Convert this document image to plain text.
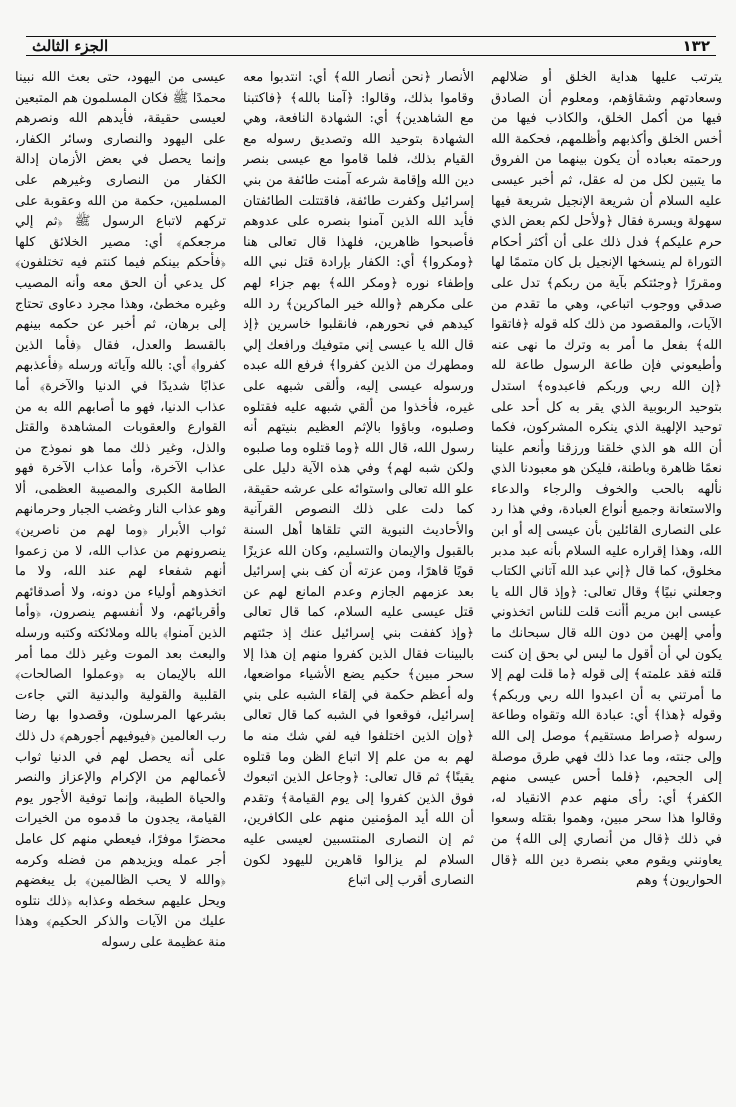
الجزء الثالث	١٣٢

يترتب عليها هداية الخلق أو ضلالهم وسعادتهم وشقاؤهم، ومعلوم أن الصادق فيها من أكمل الخلق، والكاذب فيها من أخس الخلق وأكذبهم وأظلمهم، فحكمة الله ورحمته بعباده أن يكون بينهما من الفروق ما يتبين لكل من له عقل، ثم أخبر عيسى عليه السلام أن شريعة الإنجيل شريعة فيها سهولة ويسرة فقال ﴿ولأحل لكم بعض الذي حرم عليكم﴾ فدل ذلك على أن أكثر أحكام التوراة لم ينسخها الإنجيل بل كان متممًا لها ومقررًا ﴿وجئتكم بآية من ربكم﴾ تدل على صدقي ووجوب اتباعي، وهي ما تقدم من الآيات، والمقصود من ذلك كله قوله ﴿فاتقوا الله﴾ بفعل ما أمر به وترك ما نهى عنه وأطيعوني فإن طاعة الرسول طاعة لله ﴿إن الله ربي وربكم فاعبدوه﴾ استدل بتوحيد الربوبية الذي يقر به كل أحد على توحيد الإلهية الذي ينكره المشركون، فكما أن الله هو الذي خلقنا ورزقنا وأنعم علينا نعمًا ظاهرة وباطنة، فليكن هو معبودنا الذي نألهه بالحب والخوف والرجاء والدعاء والاستعانة وجميع أنواع العبادة، وفي هذا رد على النصارى القائلين بأن عيسى إله أو ابن الله، وهذا إقراره عليه السلام بأنه عبد مدبر مخلوق، كما قال ﴿إني عبد الله آتاني الكتاب وجعلني نبيًا﴾ وقال تعالى: ﴿وإذ قال الله يا عيسى ابن مريم أأنت قلت للناس اتخذوني وأمي إلهين من دون الله قال سبحانك ما يكون لي أن أقول ما ليس لي بحق إن كنت قلته فقد علمته﴾ إلى قوله ﴿ما قلت لهم إلا ما أمرتني به أن اعبدوا الله ربي وربكم﴾ وقوله ﴿هذا﴾ أي: عبادة الله وتقواه وطاعة رسوله ﴿صراط مستقيم﴾ موصل إلى الله وإلى جنته، وما عدا ذلك فهي طرق موصلة إلى الجحيم، ﴿فلما أحس عيسى منهم الكفر﴾ أي: رأى منهم عدم الانقياد له، وقالوا هذا سحر مبين، وهموا بقتله وسعوا في ذلك ﴿قال من أنصاري إلى الله﴾ من يعاونني ويقوم معي بنصرة دين الله ﴿قال الحواريون﴾ وهم

الأنصار ﴿نحن أنصار الله﴾ أي: انتدبوا معه وقاموا بذلك، وقالوا: ﴿آمنا بالله﴾ ﴿فاكتبنا مع الشاهدين﴾ أي: الشهادة النافعة، وهي الشهادة بتوحيد الله وتصديق رسوله مع القيام بذلك، فلما قاموا مع عيسى بنصر دين الله وإقامة شرعه آمنت طائفة من بني إسرائيل وكفرت طائفة، فاقتتلت الطائفتان فأيد الله الذين آمنوا بنصره على عدوهم فأصبحوا ظاهرين، فلهذا قال تعالى هنا ﴿ومكروا﴾ أي: الكفار بإرادة قتل نبي الله وإطفاء نوره ﴿ومكر الله﴾ بهم جزاء لهم على مكرهم ﴿والله خير الماكرين﴾ رد الله كيدهم في نحورهم، فانقلبوا خاسرين ﴿إذ قال الله يا عيسى إني متوفيك ورافعك إلي ومطهرك من الذين كفروا﴾ فرفع الله عبده ورسوله عيسى إليه، وألقى شبهه على غيره، فأخذوا من ألقي شبهه عليه فقتلوه وصلبوه، وباؤوا بالإثم العظيم بنيتهم أنه رسول الله، قال الله ﴿وما قتلوه وما صلبوه ولكن شبه لهم﴾ وفي هذه الآية دليل على علو الله تعالى واستوائه على عرشه حقيقة، كما دلت على ذلك النصوص القرآنية والأحاديث النبوية التي تلقاها أهل السنة بالقبول والإيمان والتسليم، وكان الله عزيزًا قويًا قاهرًا، ومن عزته أن كف بني إسرائيل بعد عزمهم الجازم وعدم المانع لهم عن قتل عيسى عليه السلام، كما قال تعالى ﴿وإذ كففت بني إسرائيل عنك إذ جئتهم بالبينات فقال الذين كفروا منهم إن هذا إلا سحر مبين﴾ حكيم يضع الأشياء مواضعها، وله أعظم حكمة في إلقاء الشبه على بني إسرائيل، فوقعوا في الشبه كما قال تعالى ﴿وإن الذين اختلفوا فيه لفي شك منه ما لهم به من علم إلا اتباع الظن وما قتلوه يقينًا﴾ ثم قال تعالى: ﴿وجاعل الذين اتبعوك فوق الذين كفروا إلى يوم القيامة﴾ وتقدم أن الله أيد المؤمنين منهم على الكافرين، ثم إن النصارى المنتسبين لعيسى عليه السلام لم يزالوا قاهرين لليهود لكون النصارى أقرب إلى اتباع

عيسى من اليهود، حتى بعث الله نبينا محمدًا ﷺ فكان المسلمون هم المتبعين لعيسى حقيقة، فأيدهم الله ونصرهم على اليهود والنصارى وسائر الكفار، وإنما يحصل في بعض الأزمان إدالة الكفار من النصارى وغيرهم على المسلمين، حكمة من الله وعقوبة على تركهم لاتباع الرسول ﷺ ﴿ثم إلي مرجعكم﴾ أي: مصير الخلائق كلها ﴿فأحكم بينكم فيما كنتم فيه تختلفون﴾ كل يدعي أن الحق معه وأنه المصيب وغيره مخطئ، وهذا مجرد دعاوى تحتاج إلى برهان، ثم أخبر عن حكمه بينهم بالقسط والعدل، فقال ﴿فأما الذين كفروا﴾ أي: بالله وآياته ورسله ﴿فأعذبهم عذابًا شديدًا في الدنيا والآخرة﴾ أما عذاب الدنيا، فهو ما أصابهم الله به من القوارع والعقوبات المشاهدة والقتل والذل، وغير ذلك مما هو نموذج من عذاب الآخرة، وأما عذاب الآخرة فهو الطامة الكبرى والمصيبة العظمى، ألا وهو عذاب النار وغضب الجبار وحرمانهم ثواب الأبرار ﴿وما لهم من ناصرين﴾ ينصرونهم من عذاب الله، لا من زعموا أنهم شفعاء لهم عند الله، ولا ما اتخذوهم أولياء من دونه، ولا أصدقائهم وأقربائهم، ولا أنفسهم ينصرون، ﴿وأما الذين آمنوا﴾ بالله وملائكته وكتبه ورسله والبعث بعد الموت وغير ذلك مما أمر الله بالإيمان به ﴿وعملوا الصالحات﴾ القلبية والقولية والبدنية التي جاءت بشرعها المرسلون، وقصدوا بها رضا رب العالمين ﴿فيوفيهم أجورهم﴾ دل ذلك على أنه يحصل لهم في الدنيا ثواب لأعمالهم من الإكرام والإعزاز والنصر والحياة الطيبة، وإنما توفية الأجور يوم القيامة، يجدون ما قدموه من الخيرات محضرًا موفرًا، فيعطي منهم كل عامل أجر عمله ويزيدهم من فضله وكرمه ﴿والله لا يحب الظالمين﴾ بل يبغضهم ويحل عليهم سخطه وعذابه ﴿ذلك نتلوه عليك من الآيات والذكر الحكيم﴾ وهذا منة عظيمة على رسوله
